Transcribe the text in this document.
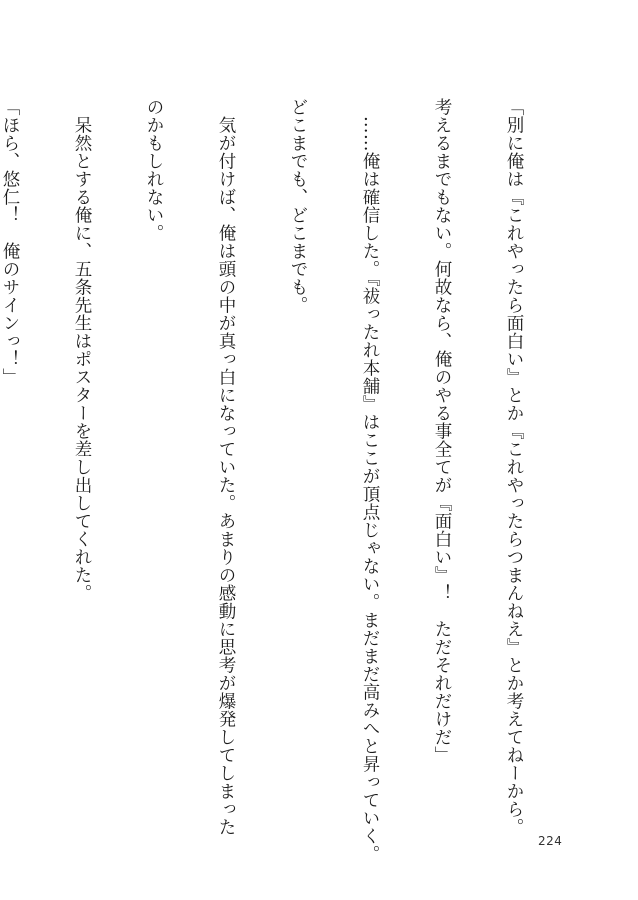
「別に俺は『これやったら面白い』とか『これやったらつまんねえ』とか考えてねーから。

考えるまでもない。何故なら、俺のやる事全てが『面白い』！　ただそれだけだ」

　……俺は確信した。『祓ったれ本舗』はここが頂点じゃない。まだまだ高みへと昇っていく。

どこまでも、どこまでも。

　気が付けば、俺は頭の中が真っ白になっていた。あまりの感動に思考が爆発してしまった

のかもしれない。

　呆然とする俺に、五条先生はポスターを差し出してくれた。

「ほら、悠仁！　俺のサインっ！」

224
